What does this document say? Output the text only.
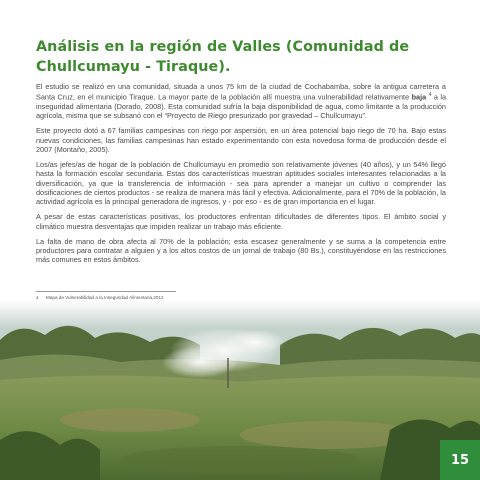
Análisis en la región de Valles (Comunidad de Chullcumayu - Tiraque).

El estudio se realizó en una comunidad, situada a unos 75 km de la ciudad de Cochabamba, sobre la antigua carretera a Santa Cruz, en el municipio Tiraque. La mayor parte de la población allí muestra una vulnerabilidad relativamente baja $^4$ a la inseguridad alimentaria (Dorado, 2008). Esta comunidad sufría la baja disponibilidad de agua, como limitante a la producción agrícola, misma que se subsanó con el “Proyecto de Riego presurizado por gravedad – Chullcumayu”.

Este proyecto dotó a 67 familias campesinas con riego por aspersión, en un área potencial bajo riego de 70 ha. Bajo estas nuevas condiciones, las familias campesinas han estado experimentando con esta novedosa forma de producción desde el 2007 (Montaño, 2005).

Los/as jefes/as de hogar de la población de Chullcumayu en promedio son relativamente jóvenes (40 años), y un 54% llegó hasta la formación escolar secundaria. Estas dos características muestran aptitudes sociales interesantes relacionadas a la diversificación, ya que la transferencia de información - sea para aprender a manejar un cultivo o comprender las dosificaciones de ciertos productos - se realiza de manera más fácil y efectiva. Adicionalmente, para el 70% de la población, la actividad agrícola es la principal generadora de ingresos, y - por eso - es de gran importancia en el lugar.

A pesar de estas características positivas, los productores enfrentan dificultades de diferentes tipos. El ámbito social y climático muestra desventajas que impiden realizar un trabajo más eficiente.

La falta de mano de obra afecta al 70% de la población; esta escasez generalmente y se suma a la competencia entre productores para contratar a alguien y a los altos costos de un jornal de trabajo (80 Bs.), constituyéndose en las restricciones más comunes en estos ámbitos.

4 Mapa de Vulnerabilidad a la Inseguridad Alimentaria,2012
15
